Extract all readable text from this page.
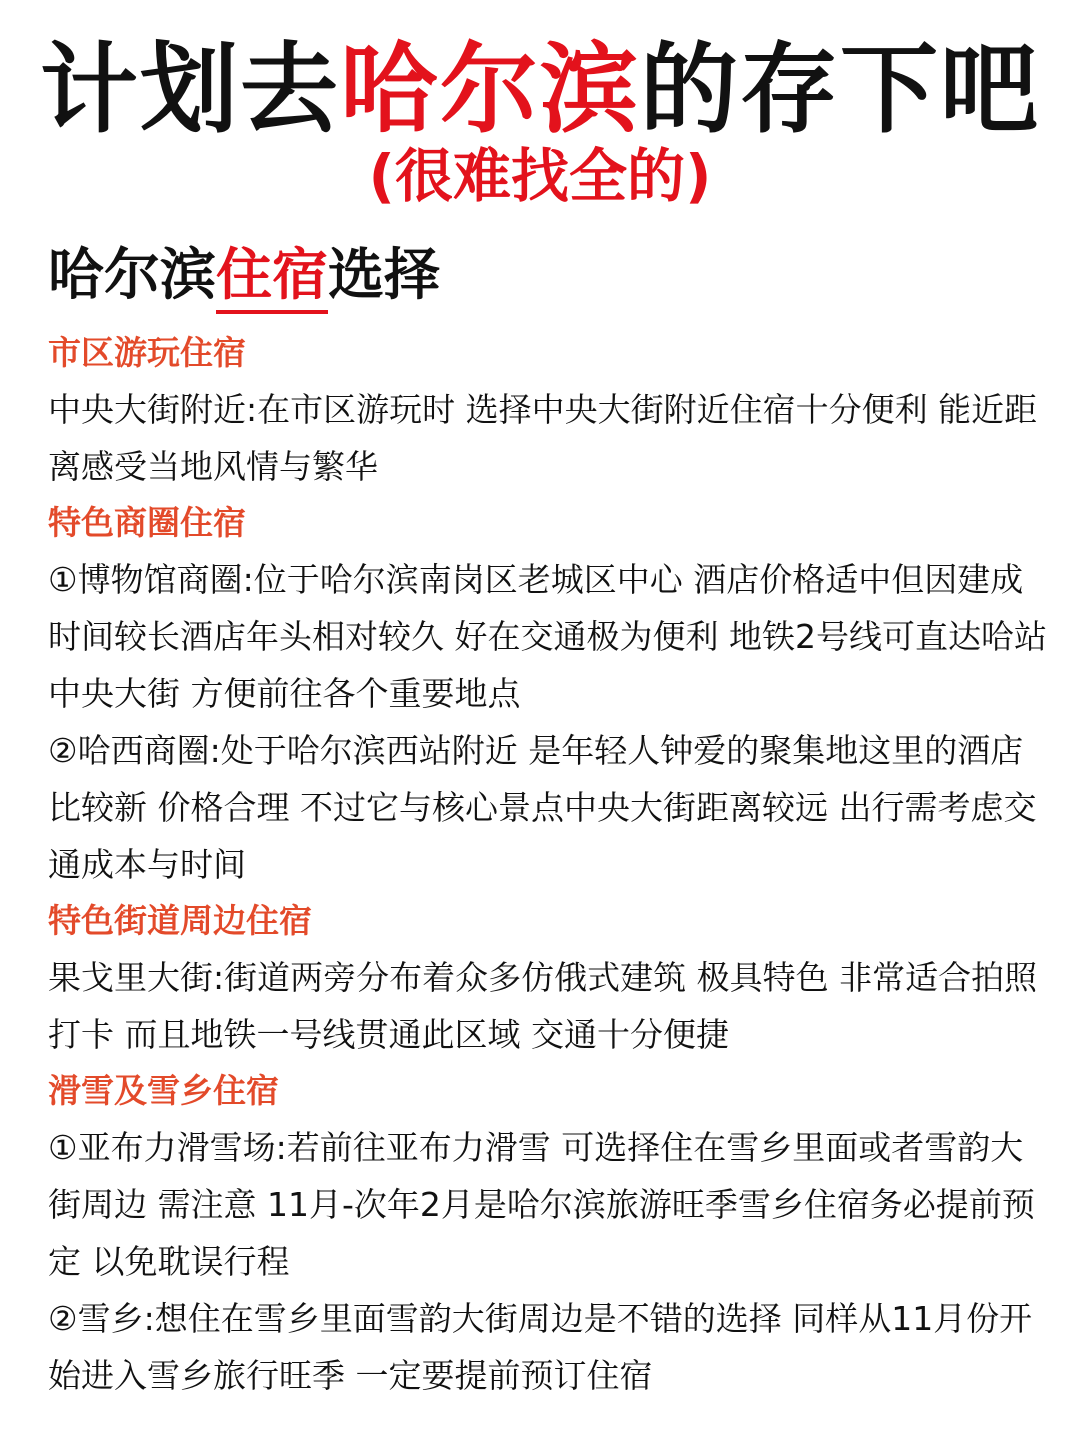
计划去哈尔滨的存下吧
(很难找全的)
哈尔滨住宿选择
市区游玩住宿

中央大街附近:在市区游玩时 选择中央大街附近住宿十分便利 能近距离感受当地风情与繁华

特色商圈住宿

①博物馆商圈:位于哈尔滨南岗区老城区中心 酒店价格适中但因建成时间较长酒店年头相对较久 好在交通极为便利 地铁2号线可直达哈站 中央大街 方便前往各个重要地点

②哈西商圈:处于哈尔滨西站附近 是年轻人钟爱的聚集地这里的酒店比较新 价格合理 不过它与核心景点中央大街距离较远 出行需考虑交通成本与时间

特色街道周边住宿

果戈里大街:街道两旁分布着众多仿俄式建筑 极具特色 非常适合拍照打卡 而且地铁一号线贯通此区域 交通十分便捷

滑雪及雪乡住宿

①亚布力滑雪场:若前往亚布力滑雪 可选择住在雪乡里面或者雪韵大街周边 需注意 11月-次年2月是哈尔滨旅游旺季雪乡住宿务必提前预定 以免耽误行程

②雪乡:想住在雪乡里面雪韵大街周边是不错的选择 同样从11月份开始进入雪乡旅行旺季 一定要提前预订住宿
